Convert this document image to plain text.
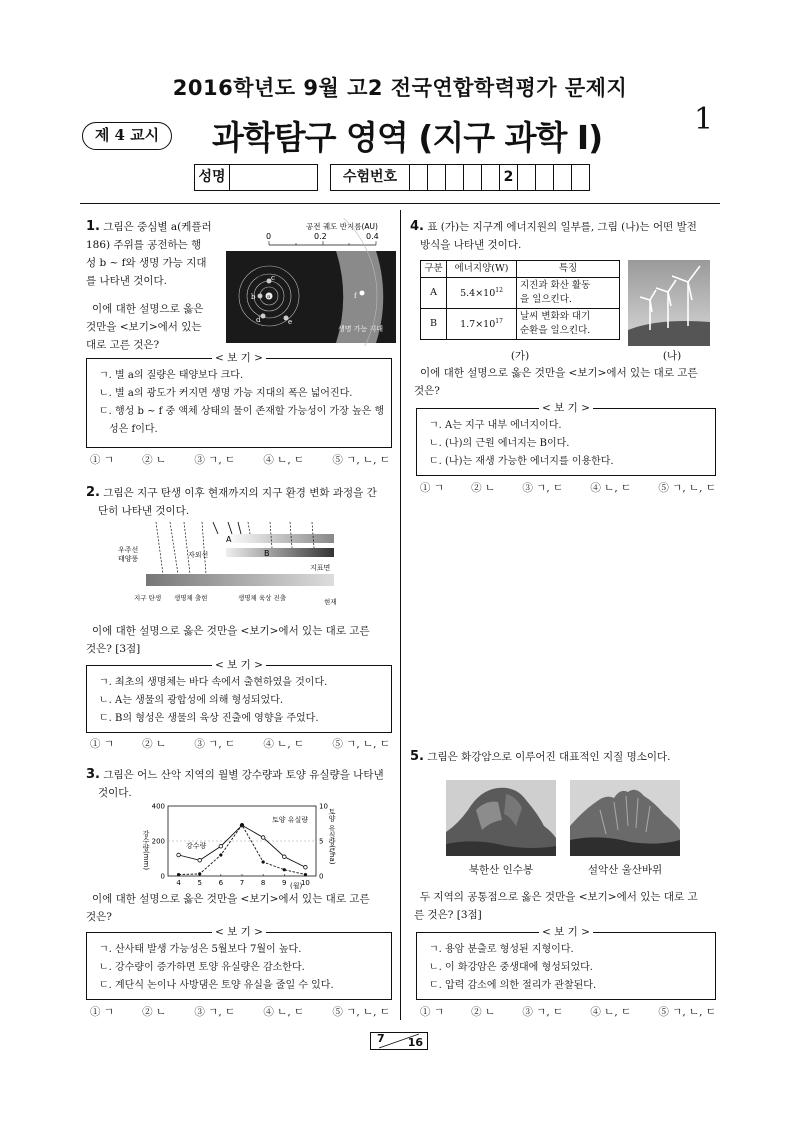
2016학년도 9월 고2 전국연합학력평가 문제지
제 4 교시	과학탐구 영역 (지구 과학 Ⅰ)	1
성명	수험번호	2
1. 그림은 중심별 a(케플러
186) 주위를 공전하는 행
성 b ~ f와 생명 가능 지대
를 나타낸 것이다.
이에 대한 설명으로 옳은
것만을 <보기>에서 있는
대로 고른 것은?
공전 궤도 반지름(AU)
0	0.2	0.4
생명 가능 지대
a
b
c
d	e
f
< 보 기 >
ㄱ. 별 a의 질량은 태양보다 크다.
ㄴ. 별 a의 광도가 커지면 생명 가능 지대의 폭은 넓어진다.
ㄷ. 행성 b ~ f 중 액체 상태의 물이 존재할 가능성이 가장 높은 행성은 f이다.
① ㄱ	② ㄴ	③ ㄱ, ㄷ	④ ㄴ, ㄷ	⑤ ㄱ, ㄴ, ㄷ
2. 그림은 지구 탄생 이후 현재까지의 지구 환경 변화 과정을 간
단히 나타낸 것이다.
A
B
지표면
우주선
태양풍	자외선
지구 탄생 생명체 출현	생명체 육상 진출	현재
이에 대한 설명으로 옳은 것만을 <보기>에서 있는 대로 고른
것은? [3점]
< 보 기 >
ㄱ. 최초의 생명체는 바다 속에서 출현하였을 것이다.
ㄴ. A는 생물의 광합성에 의해 형성되었다.
ㄷ. B의 형성은 생물의 육상 진출에 영향을 주었다.
① ㄱ	② ㄴ	③ ㄱ, ㄷ	④ ㄴ, ㄷ	⑤ ㄱ, ㄴ, ㄷ
3. 그림은 어느 산악 지역의 월별 강수량과 토양 유실량을 나타낸
것이다.
0
200
400
0
5
10
4 5 6 7 8 9 10
강수량(mm)	토양 유실량(t/ha)
강수량
토양 유실량
(월)
이에 대한 설명으로 옳은 것만을 <보기>에서 있는 대로 고른
것은?
< 보 기 >
ㄱ. 산사태 발생 가능성은 5월보다 7월이 높다.
ㄴ. 강수량이 증가하면 토양 유실량은 감소한다.
ㄷ. 계단식 논이나 사방댐은 토양 유실을 줄일 수 있다.
① ㄱ	② ㄴ	③ ㄱ, ㄷ	④ ㄴ, ㄷ	⑤ ㄱ, ㄴ, ㄷ
4. 표 (가)는 지구계 에너지원의 일부를, 그림 (나)는 어떤 발전
방식을 나타낸 것이다.
구분	에너지양(W)	특징
A	$5.4\times 10^{12}$	지진과 화산 활동
을 일으킨다.

B	$1.7\times 10^{17}$	날씨 변화와 대기
순환을 일으킨다.
(가)	(나)
이에 대한 설명으로 옳은 것만을 <보기>에서 있는 대로 고른
것은?
< 보 기 >
ㄱ. A는 지구 내부 에너지이다.
ㄴ. (나)의 근원 에너지는 B이다.
ㄷ. (나)는 재생 가능한 에너지를 이용한다.
① ㄱ	② ㄴ	③ ㄱ, ㄷ	④ ㄴ, ㄷ	⑤ ㄱ, ㄴ, ㄷ
5. 그림은 화강암으로 이루어진 대표적인 지질 명소이다.
북한산 인수봉	설악산 울산바위
두 지역의 공통점으로 옳은 것만을 <보기>에서 있는 대로 고
른 것은? [3점]
< 보 기 >
ㄱ. 용암 분출로 형성된 지형이다.
ㄴ. 이 화강암은 중생대에 형성되었다.
ㄷ. 압력 감소에 의한 절리가 관찰된다.
① ㄱ	② ㄴ	③ ㄱ, ㄷ	④ ㄴ, ㄷ	⑤ ㄱ, ㄴ, ㄷ
7 16
